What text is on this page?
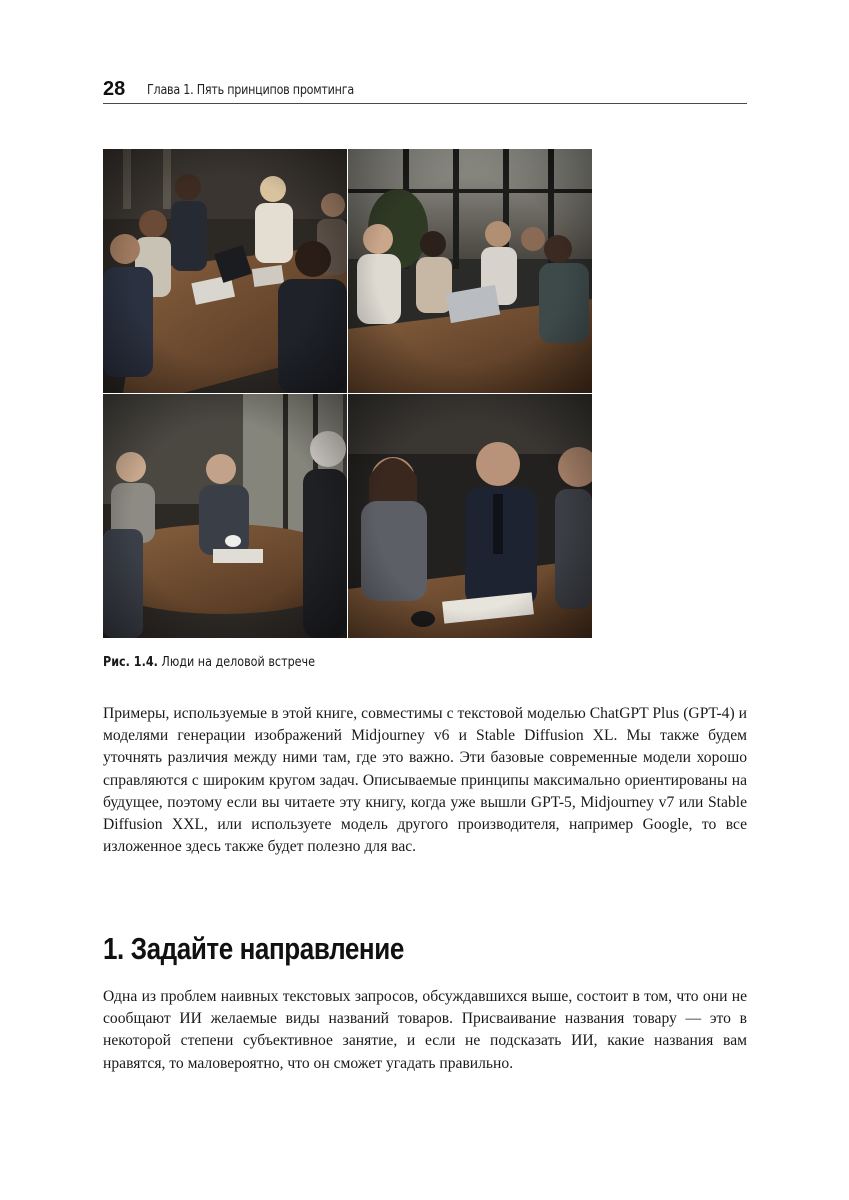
28 Глава 1. Пять принципов промтинга
Рис. 1.4. Люди на деловой встрече

Примеры, используемые в этой книге, совместимы с текстовой моделью ChatGPT Plus (GPT-4) и моделями генерации изображений Midjourney v6 и Stable Diffusion XL. Мы также будем уточнять различия между ними там, где это важно. Эти базовые современные модели хорошо справляются с широким кругом задач. Описываемые принципы максимально ориентированы на будущее, поэтому если вы читаете эту книгу, когда уже вышли GPT-5, Midjourney v7 или Stable Diffusion XXL, или используете модель другого производителя, например Google, то все изложенное здесь также будет полезно для вас.

1. Задайте направление

Одна из проблем наивных текстовых запросов, обсуждавшихся выше, состоит в том, что они не сообщают ИИ желаемые виды названий товаров. Присваивание названия товару — это в некоторой степени субъективное занятие, и если не подсказать ИИ, какие названия вам нравятся, то маловероятно, что он сможет угадать правильно.
